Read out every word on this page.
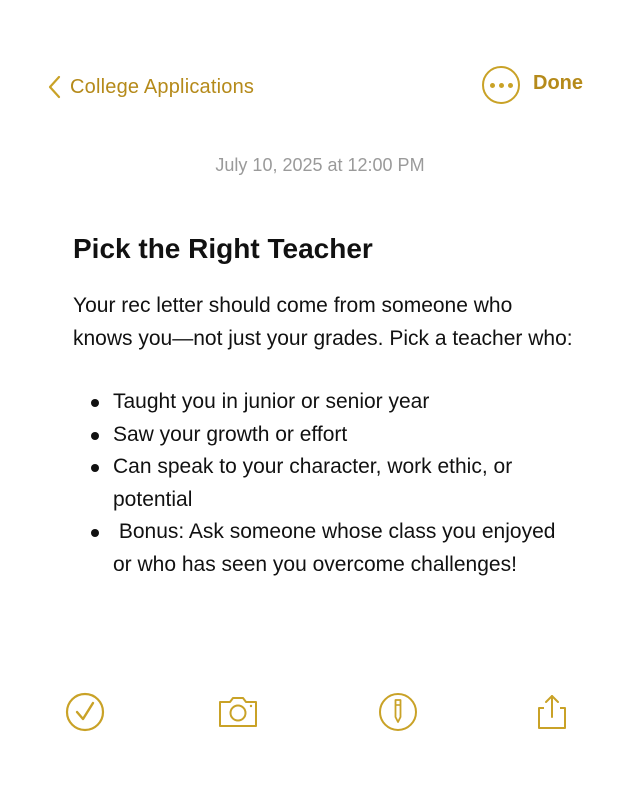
College Applications	Done
July 10, 2025 at 12:00 PM
Pick the Right Teacher

Your rec letter should come from someone who knows you—not just your grades. Pick a teacher who:

Taught you in junior or senior year
Saw your growth or effort
Can speak to your character, work ethic, or potential
Bonus: Ask someone whose class you enjoyed or who has seen you overcome challenges!
